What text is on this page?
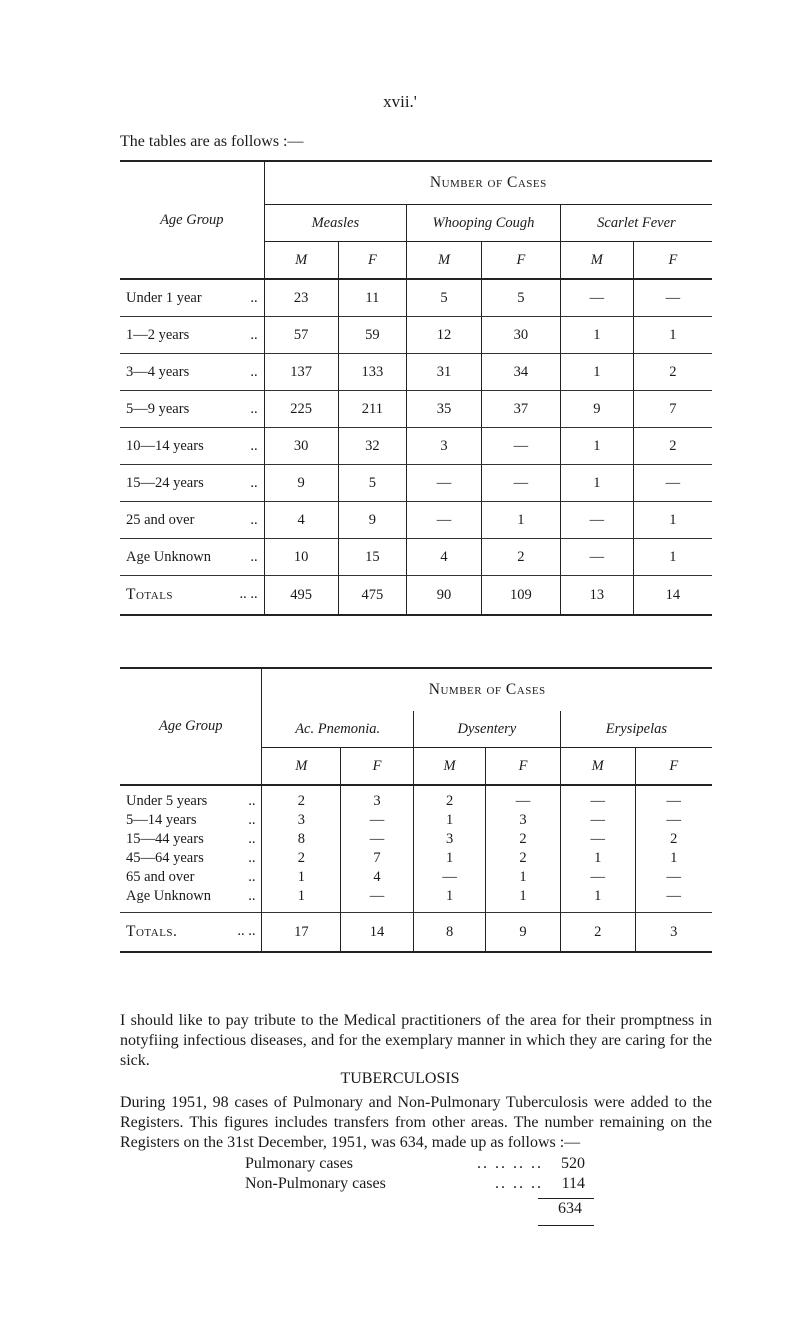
xvii.'
The tables are as follows :—
Age Group	Number of Cases					
	Measles		Whooping Cough		Scarlet Fever	
	M	F	M	F	M	F
Under 1 year ..	23	11	5	5	—	—
1—2 years ..	57	59	12	30	1	1
3—4 years ..	137	133	31	34	1	2
5—9 years ..	225	211	35	37	9	7
10—14 years ..	30	32	3	—	1	2
15—24 years ..	9	5	—	—	1	—
25 and over ..	4	9	—	1	—	1
Age Unknown ..	10	15	4	2	—	1
Totals .. ..	495	475	90	109	13	14
Age Group	Number of Cases					
	Ac. Pnemonia.		Dysentery		Erysipelas	
	M	F	M	F	M	F
Under 5 years ..	2	3	2	—	—	—
5—14 years ..	3	—	1	3	—	—
15—44 years ..	8	—	3	2	—	2
45—64 years ..	2	7	1	2	1	1
65 and over ..	1	4	—	1	—	—
Age Unknown ..	1	—	1	1	1	—
Totals. .. ..	17	14	8	9	2	3
I should like to pay tribute to the Medical practitioners of the area for their promptness in notyfiing infectious diseases, and for the exemplary manner in which they are caring for the sick.
TUBERCULOSIS
During 1951, 98 cases of Pulmonary and Non-Pulmonary Tuberculosis were added to the Registers. This figures includes transfers from other areas. The number remaining on the Registers on the 31st December, 1951, was 634, made up as follows :—
Pulmonary cases	.. .. .. .. 520
Non-Pulmonary cases	.. .. .. 114
634
